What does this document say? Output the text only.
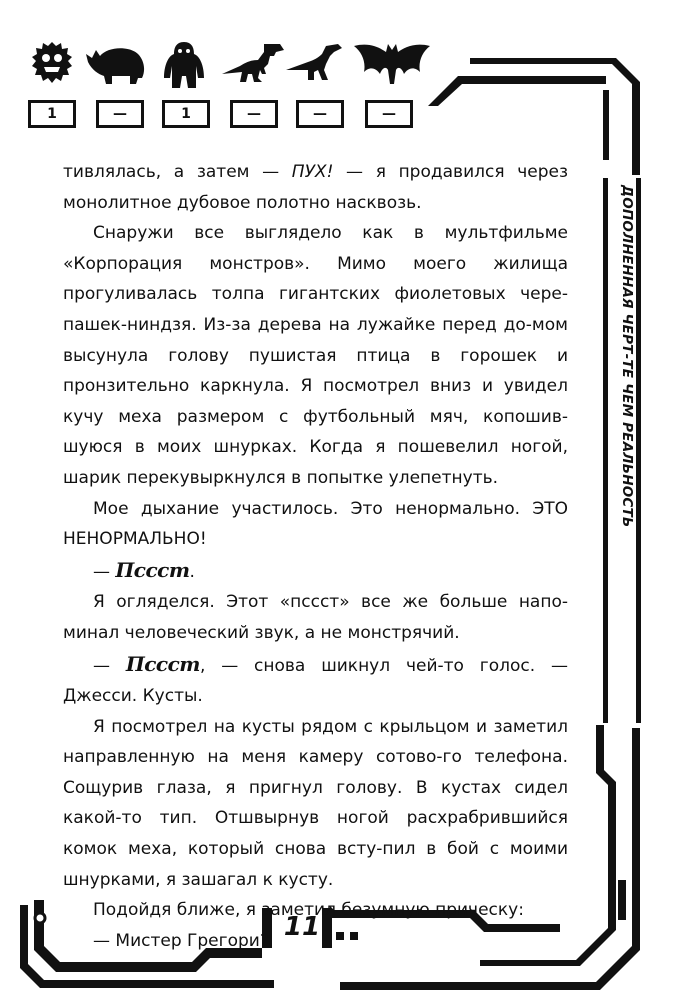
1	—	1	—	—	—
ДОПОЛНЕННАЯ ЧЕРТ-ТЕ ЧЕМ РЕАЛЬНОСТЬ

тивлялась, а затем — ПУХ! — я продавился через монолитное дубовое полотно насквозь.

Снаружи все выглядело как в мультфильме «Корпорация монстров». Мимо моего жилища прогуливалась толпа гигантских фиолетовых чере-пашек-ниндзя. Из-за дерева на лужайке перед до-мом высунула голову пушистая птица в горошек и пронзительно каркнула. Я посмотрел вниз и увидел кучу меха размером с футбольный мяч, копошив-шуюся в моих шнурках. Когда я пошевелил ногой, шарик перекувыркнулся в попытке улепетнуть.

Мое дыхание участилось. Это ненормально. ЭТО НЕНОРМАЛЬНО!

— Псссm.

Я огляделся. Этот «пссст» все же больше напо-минал человеческий звук, а не монстрячий.

— Псссm, — снова шикнул чей-то голос. — Джесси. Кусты.

Я посмотрел на кусты рядом с крыльцом и заметил направленную на меня камеру сотово-го телефона. Сощурив глаза, я пригнул голову. В кустах сидел какой-то тип. Отшвырнув ногой расхрабрившийся комок меха, который снова всту-пил в бой с моими шнурками, я зашагал к кусту.

Подойдя ближе, я заметил безумную прическу:

— Мистер Грегори? 11
